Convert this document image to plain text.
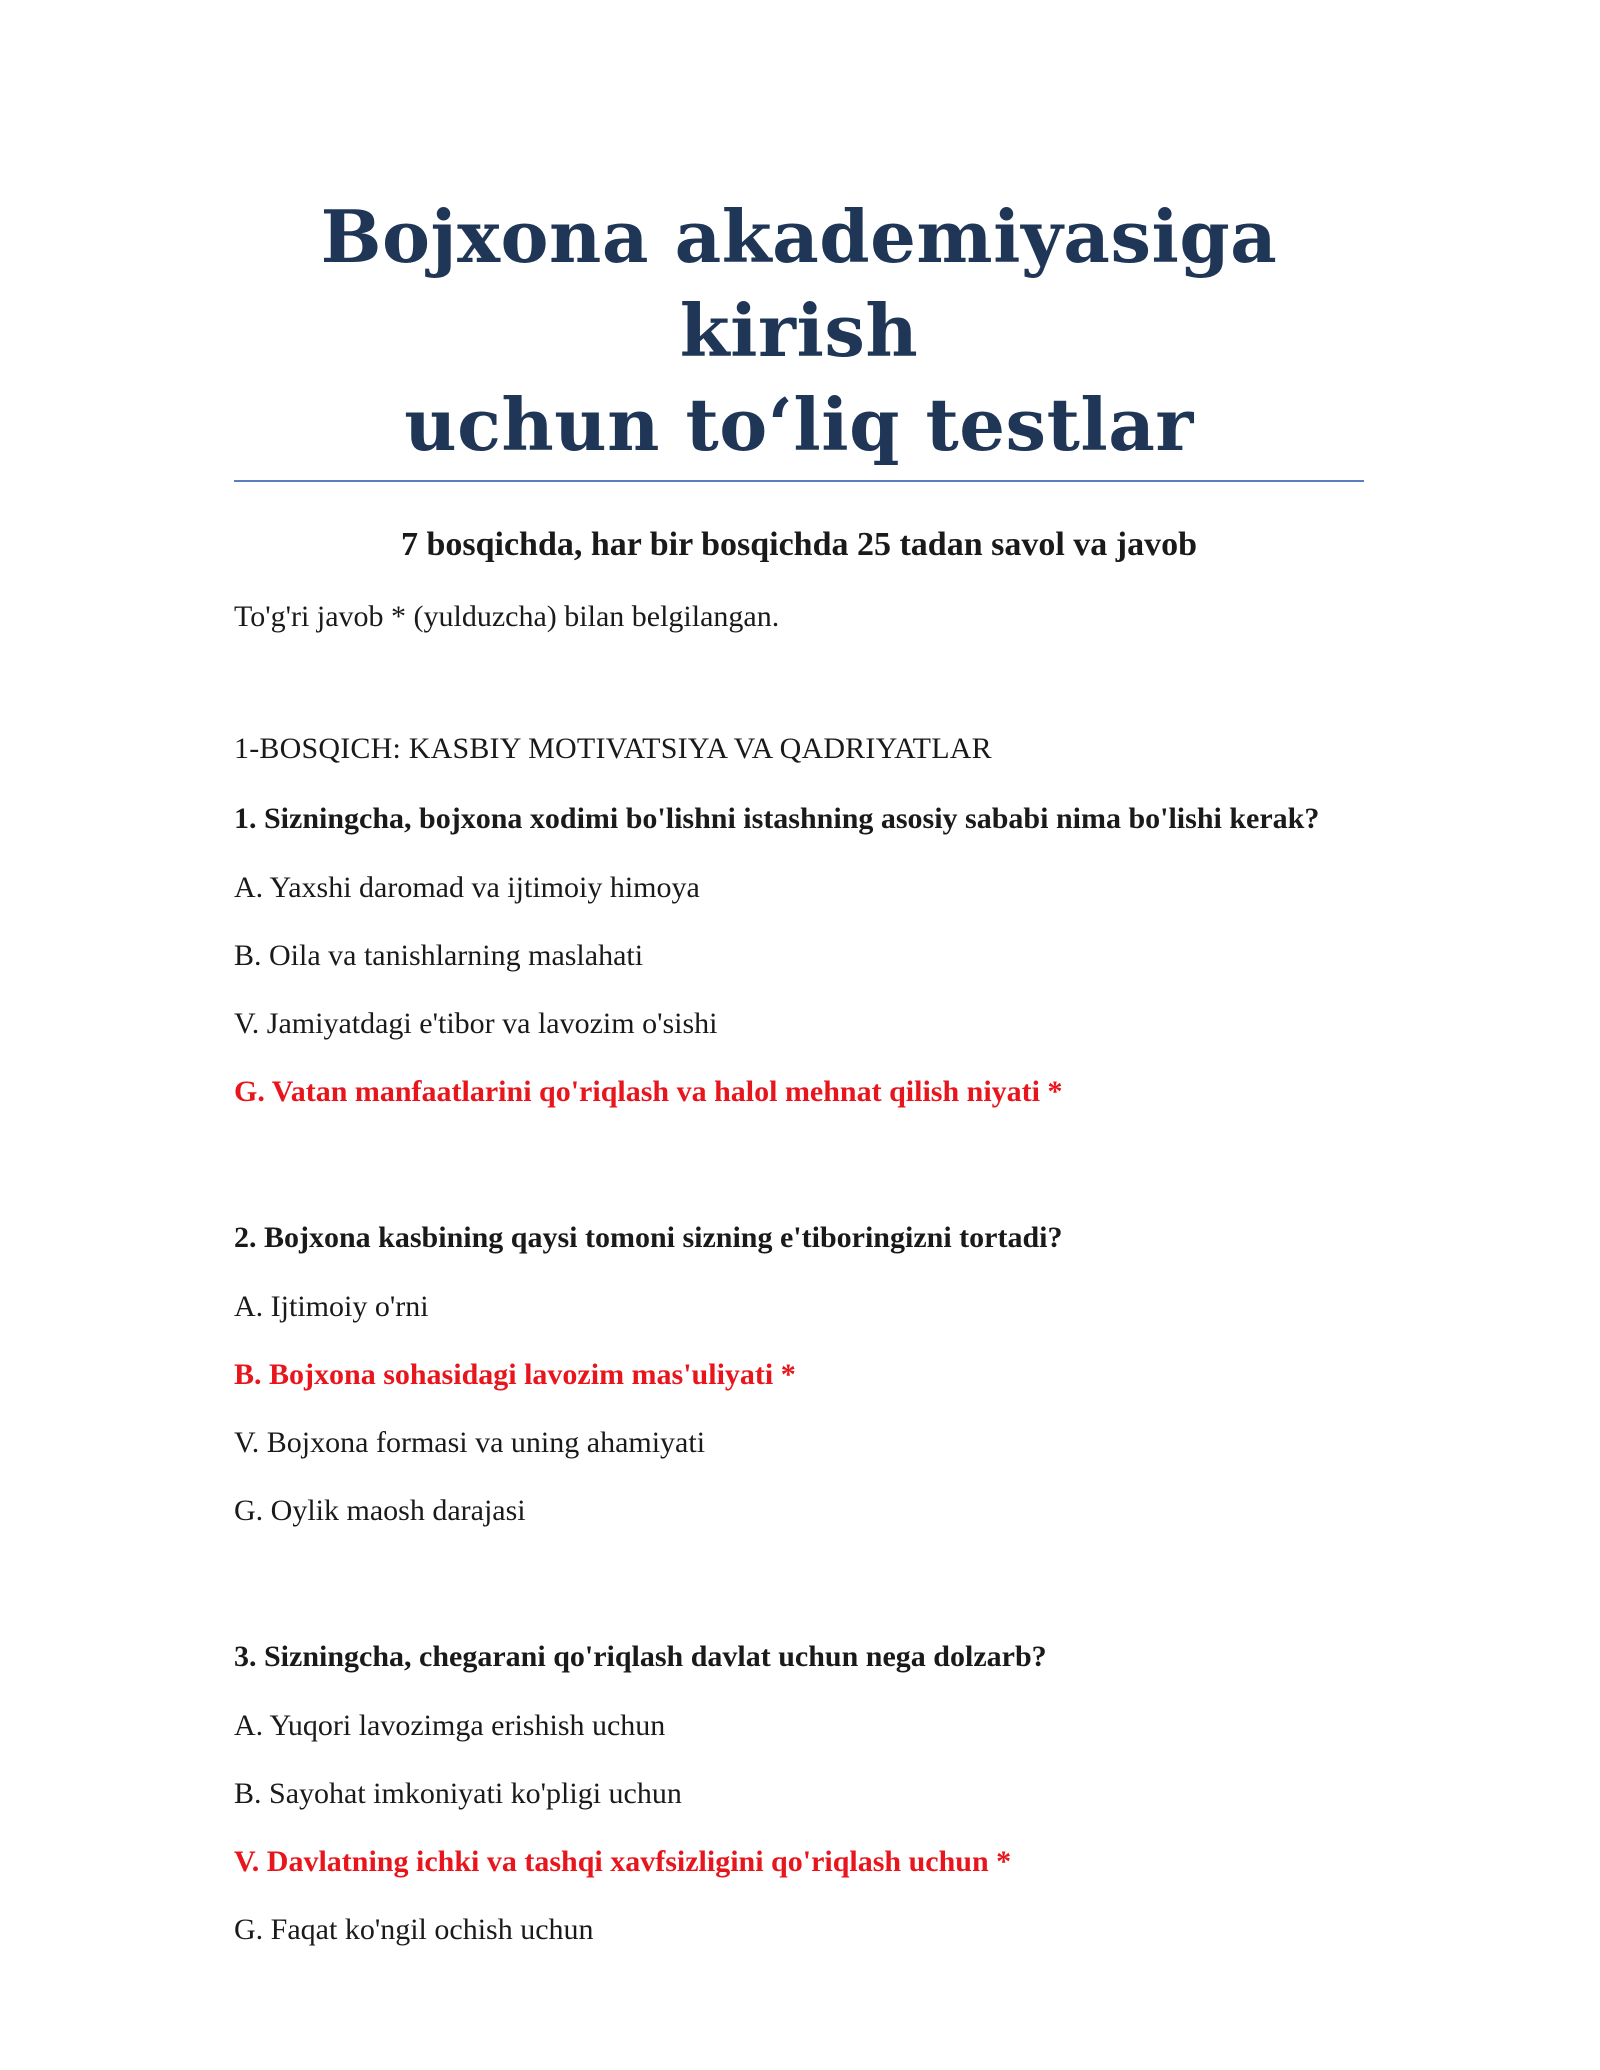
Bojxona akademiyasiga kirish
uchun to‘liq testlar
7 bosqichda, har bir bosqichda 25 tadan savol va javob
To'g'ri javob * (yulduzcha) bilan belgilangan.
1-BOSQICH: KASBIY MOTIVATSIYA VA QADRIYATLAR

1. Sizningcha, bojxona xodimi bo'lishni istashning asosiy sababi nima bo'lishi kerak?

A. Yaxshi daromad va ijtimoiy himoya
B. Oila va tanishlarning maslahati
V. Jamiyatdagi e'tibor va lavozim o'sishi
G. Vatan manfaatlarini qo'riqlash va halol mehnat qilish niyati *

2. Bojxona kasbining qaysi tomoni sizning e'tiboringizni tortadi?

A. Ijtimoiy o'rni
B. Bojxona sohasidagi lavozim mas'uliyati *
V. Bojxona formasi va uning ahamiyati
G. Oylik maosh darajasi

3. Sizningcha, chegarani qo'riqlash davlat uchun nega dolzarb?

A. Yuqori lavozimga erishish uchun
B. Sayohat imkoniyati ko'pligi uchun
V. Davlatning ichki va tashqi xavfsizligini qo'riqlash uchun *
G. Faqat ko'ngil ochish uchun
